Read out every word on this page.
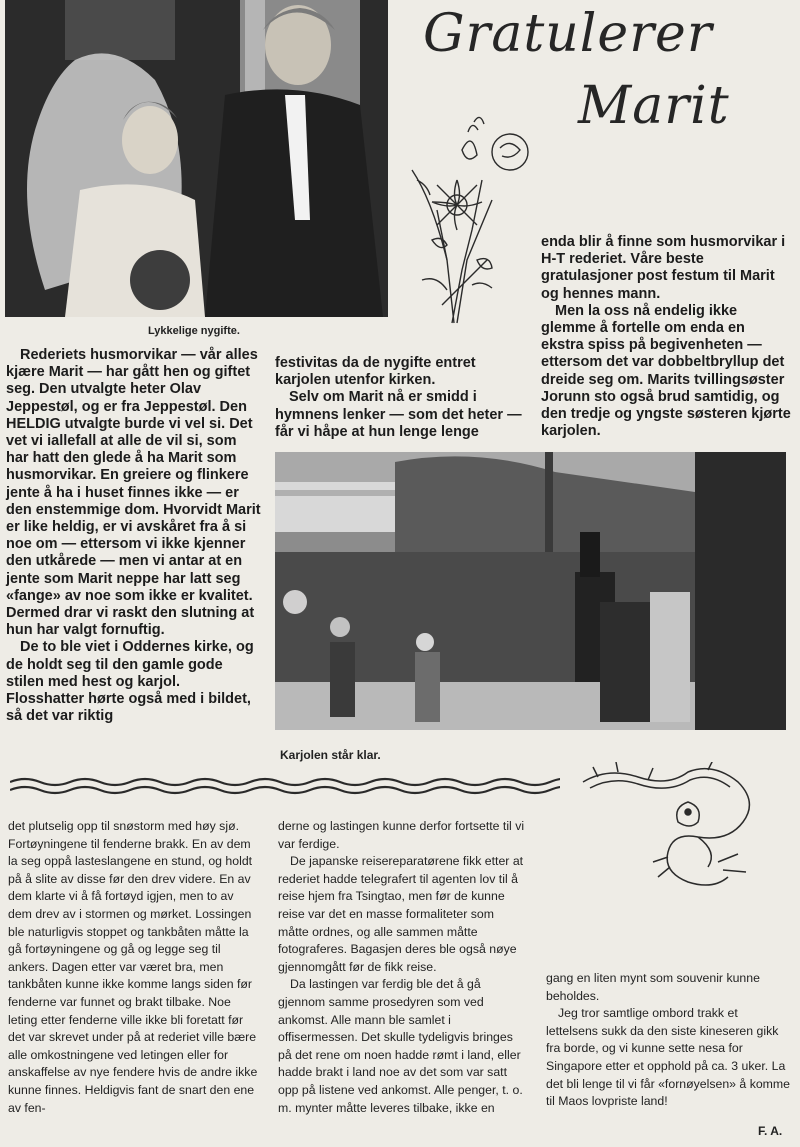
Lykkelige nygifte.
Gratulerer
Marit

Rederiets husmorvikar — vår alles kjære Marit — har gått hen og giftet seg. Den utvalgte heter Olav Jeppestøl, og er fra Jeppestøl. Den HELDIG utvalgte burde vi vel si. Det vet vi iallefall at alle de vil si, som har hatt den glede å ha Marit som husmorvikar. En greiere og flinkere jente å ha i huset finnes ikke — er den enstemmige dom. Hvorvidt Marit er like heldig, er vi avskåret fra å si noe om — ettersom vi ikke kjenner den utkårede — men vi antar at en jente som Marit neppe har latt seg «fange» av noe som ikke er kvalitet. Dermed drar vi raskt den slutning at hun har valgt fornuftig.

De to ble viet i Oddernes kirke, og de holdt seg til den gamle gode stilen med hest og karjol. Flosshatter hørte også med i bildet, så det var riktig

festivitas da de nygifte entret karjolen utenfor kirken.

Selv om Marit nå er smidd i hymnens lenker — som det heter — får vi håpe at hun lenge lenge

enda blir å finne som husmorvikar i H-T rederiet. Våre beste gratulasjoner post festum til Marit og hennes mann.

Men la oss nå endelig ikke glemme å fortelle om enda en ekstra spiss på begivenheten — ettersom det var dobbeltbryllup det dreide seg om. Marits tvillingsøster Jorunn sto også brud samtidig, og den tredje og yngste søsteren kjørte karjolen.

Karjolen står klar.

det plutselig opp til snøstorm med høy sjø. Fortøyningene til fenderne brakk. En av dem la seg oppå lasteslangene en stund, og holdt på å slite av disse før den drev videre. En av dem klarte vi å få fortøyd igjen, men to av dem drev av i stormen og mørket. Lossingen ble naturligvis stoppet og tankbåten måtte la gå fortøyningene og gå og legge seg til ankers. Dagen etter var været bra, men tankbåten kunne ikke komme langs siden før fenderne var funnet og brakt tilbake. Noe leting etter fenderne ville ikke bli foretatt før det var skrevet under på at rederiet ville bære alle omkostningene ved letingen eller for anskaffelse av nye fendere hvis de andre ikke kunne finnes. Heldigvis fant de snart den ene av fen-

derne og lastingen kunne derfor fortsette til vi var ferdige.

De japanske reisereparatørene fikk etter at rederiet hadde telegrafert til agenten lov til å reise hjem fra Tsingtao, men før de kunne reise var det en masse formaliteter som måtte ordnes, og alle sammen måtte fotograferes. Bagasjen deres ble også nøye gjennomgått før de fikk reise.

Da lastingen var ferdig ble det å gå gjennom samme prosedyren som ved ankomst. Alle mann ble samlet i offisermessen. Det skulle tydeligvis bringes på det rene om noen hadde rømt i land, eller hadde brakt i land noe av det som var satt opp på listene ved ankomst. Alle penger, t. o. m. mynter måtte leveres tilbake, ikke en

gang en liten mynt som souvenir kunne beholdes.

Jeg tror samtlige ombord trakk et lettelsens sukk da den siste kineseren gikk fra borde, og vi kunne sette nesa for Singapore etter et opphold på ca. 3 uker. La det bli lenge til vi får «fornøyelsen» å komme til Maos lovpriste land!

F. A.
